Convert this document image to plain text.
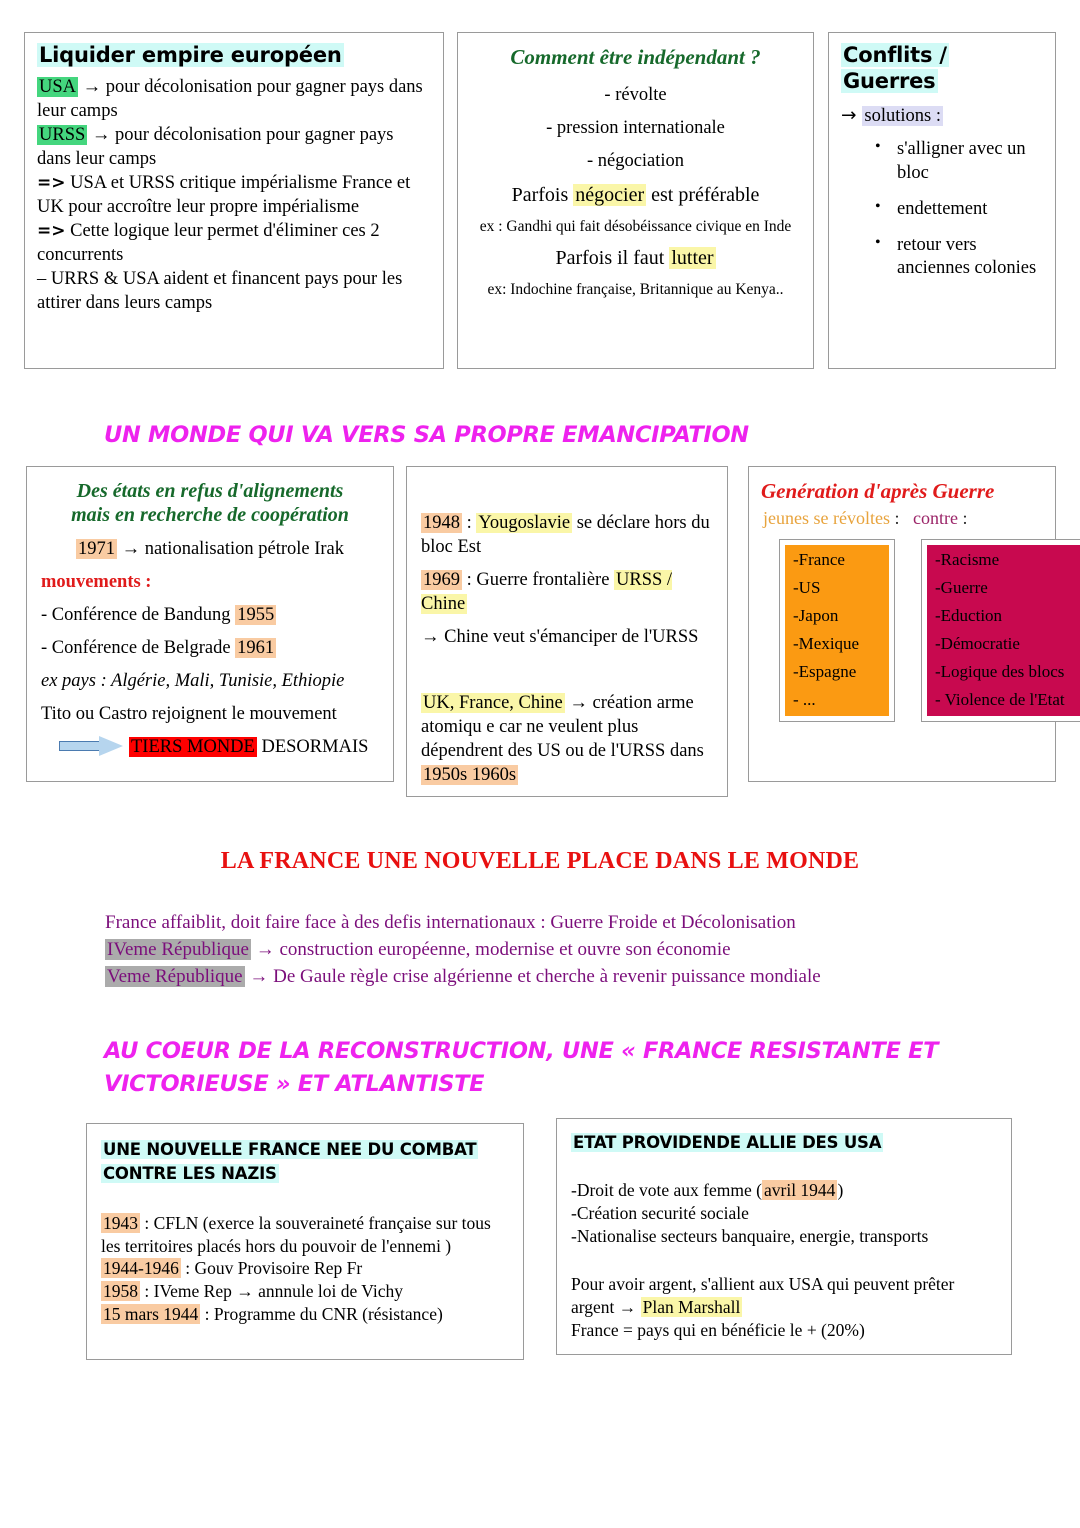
Liquider empire européen
USA → pour décolonisation pour gagner pays dans leur camps
URSS → pour décolonisation pour gagner pays dans leur camps
=> USA et URSS critique impérialisme France et UK pour accroître leur propre impérialisme
=> Cette logique leur permet d'éliminer ces 2 concurrents
– URRS & USA aident et financent pays pour les attirer dans leurs camps
Comment être indépendant ?
- révolte
- pression internationale
- négociation
Parfois négocier est préférable
ex : Gandhi qui fait désobéissance civique en Inde
Parfois il faut lutter
ex: Indochine française, Britannique au Kenya..
Conflits /
Guerres
→ solutions :
• s'alligner avec un bloc
• endettement
• retour vers anciennes colonies
UN MONDE QUI VA VERS SA PROPRE EMANCIPATION
Des états en refus d'alignements
mais en recherche de coopération
1971 → nationalisation pétrole Irak
mouvements :
- Conférence de Bandung 1955
- Conférence de Belgrade 1961
ex pays : Algérie, Mali, Tunisie, Ethiopie
Tito ou Castro rejoignent le mouvement
TIERS MONDE DESORMAIS
1948 : Yougoslavie se déclare hors du bloc Est
1969 : Guerre frontalière URSS / Chine
→ Chine veut s'émanciper de l'URSS
UK, France, Chine → création arme atomiqu e car ne veulent plus dépendrent des US ou de l'URSS dans 1950s 1960s
Genération d'après Guerre
jeunes se révoltes : contre :
-France
-US
-Japon
-Mexique
-Espagne
- ...
-Racisme
-Guerre
-Eduction
-Démocratie
-Logique des blocs
- Violence de l'Etat
LA FRANCE UNE NOUVELLE PLACE DANS LE MONDE
France affaiblit, doit faire face à des defis internationaux : Guerre Froide et Décolonisation
IVeme République → construction européenne, modernise et ouvre son économie
Veme République → De Gaule règle crise algérienne et cherche à revenir puissance mondiale
AU COEUR DE LA RECONSTRUCTION, UNE « FRANCE RESISTANTE ET
VICTORIEUSE » ET ATLANTISTE
UNE NOUVELLE FRANCE NEE DU COMBAT
CONTRE LES NAZIS
1943 : CFLN (exerce la souveraineté française sur tous les territoires placés hors du pouvoir de l'ennemi )
1944-1946 : Gouv Provisoire Rep Fr
1958 : IVeme Rep → annnule loi de Vichy
15 mars 1944 : Programme du CNR (résistance)
ETAT PROVIDENDE ALLIE DES USA
-Droit de vote aux femme ( avril 1944 )
-Création securité sociale
-Nationalise secteurs banquaire, energie, transports
Pour avoir argent, s'allient aux USA qui peuvent prêter argent → Plan Marshall
France = pays qui en bénéficie le + (20%)
